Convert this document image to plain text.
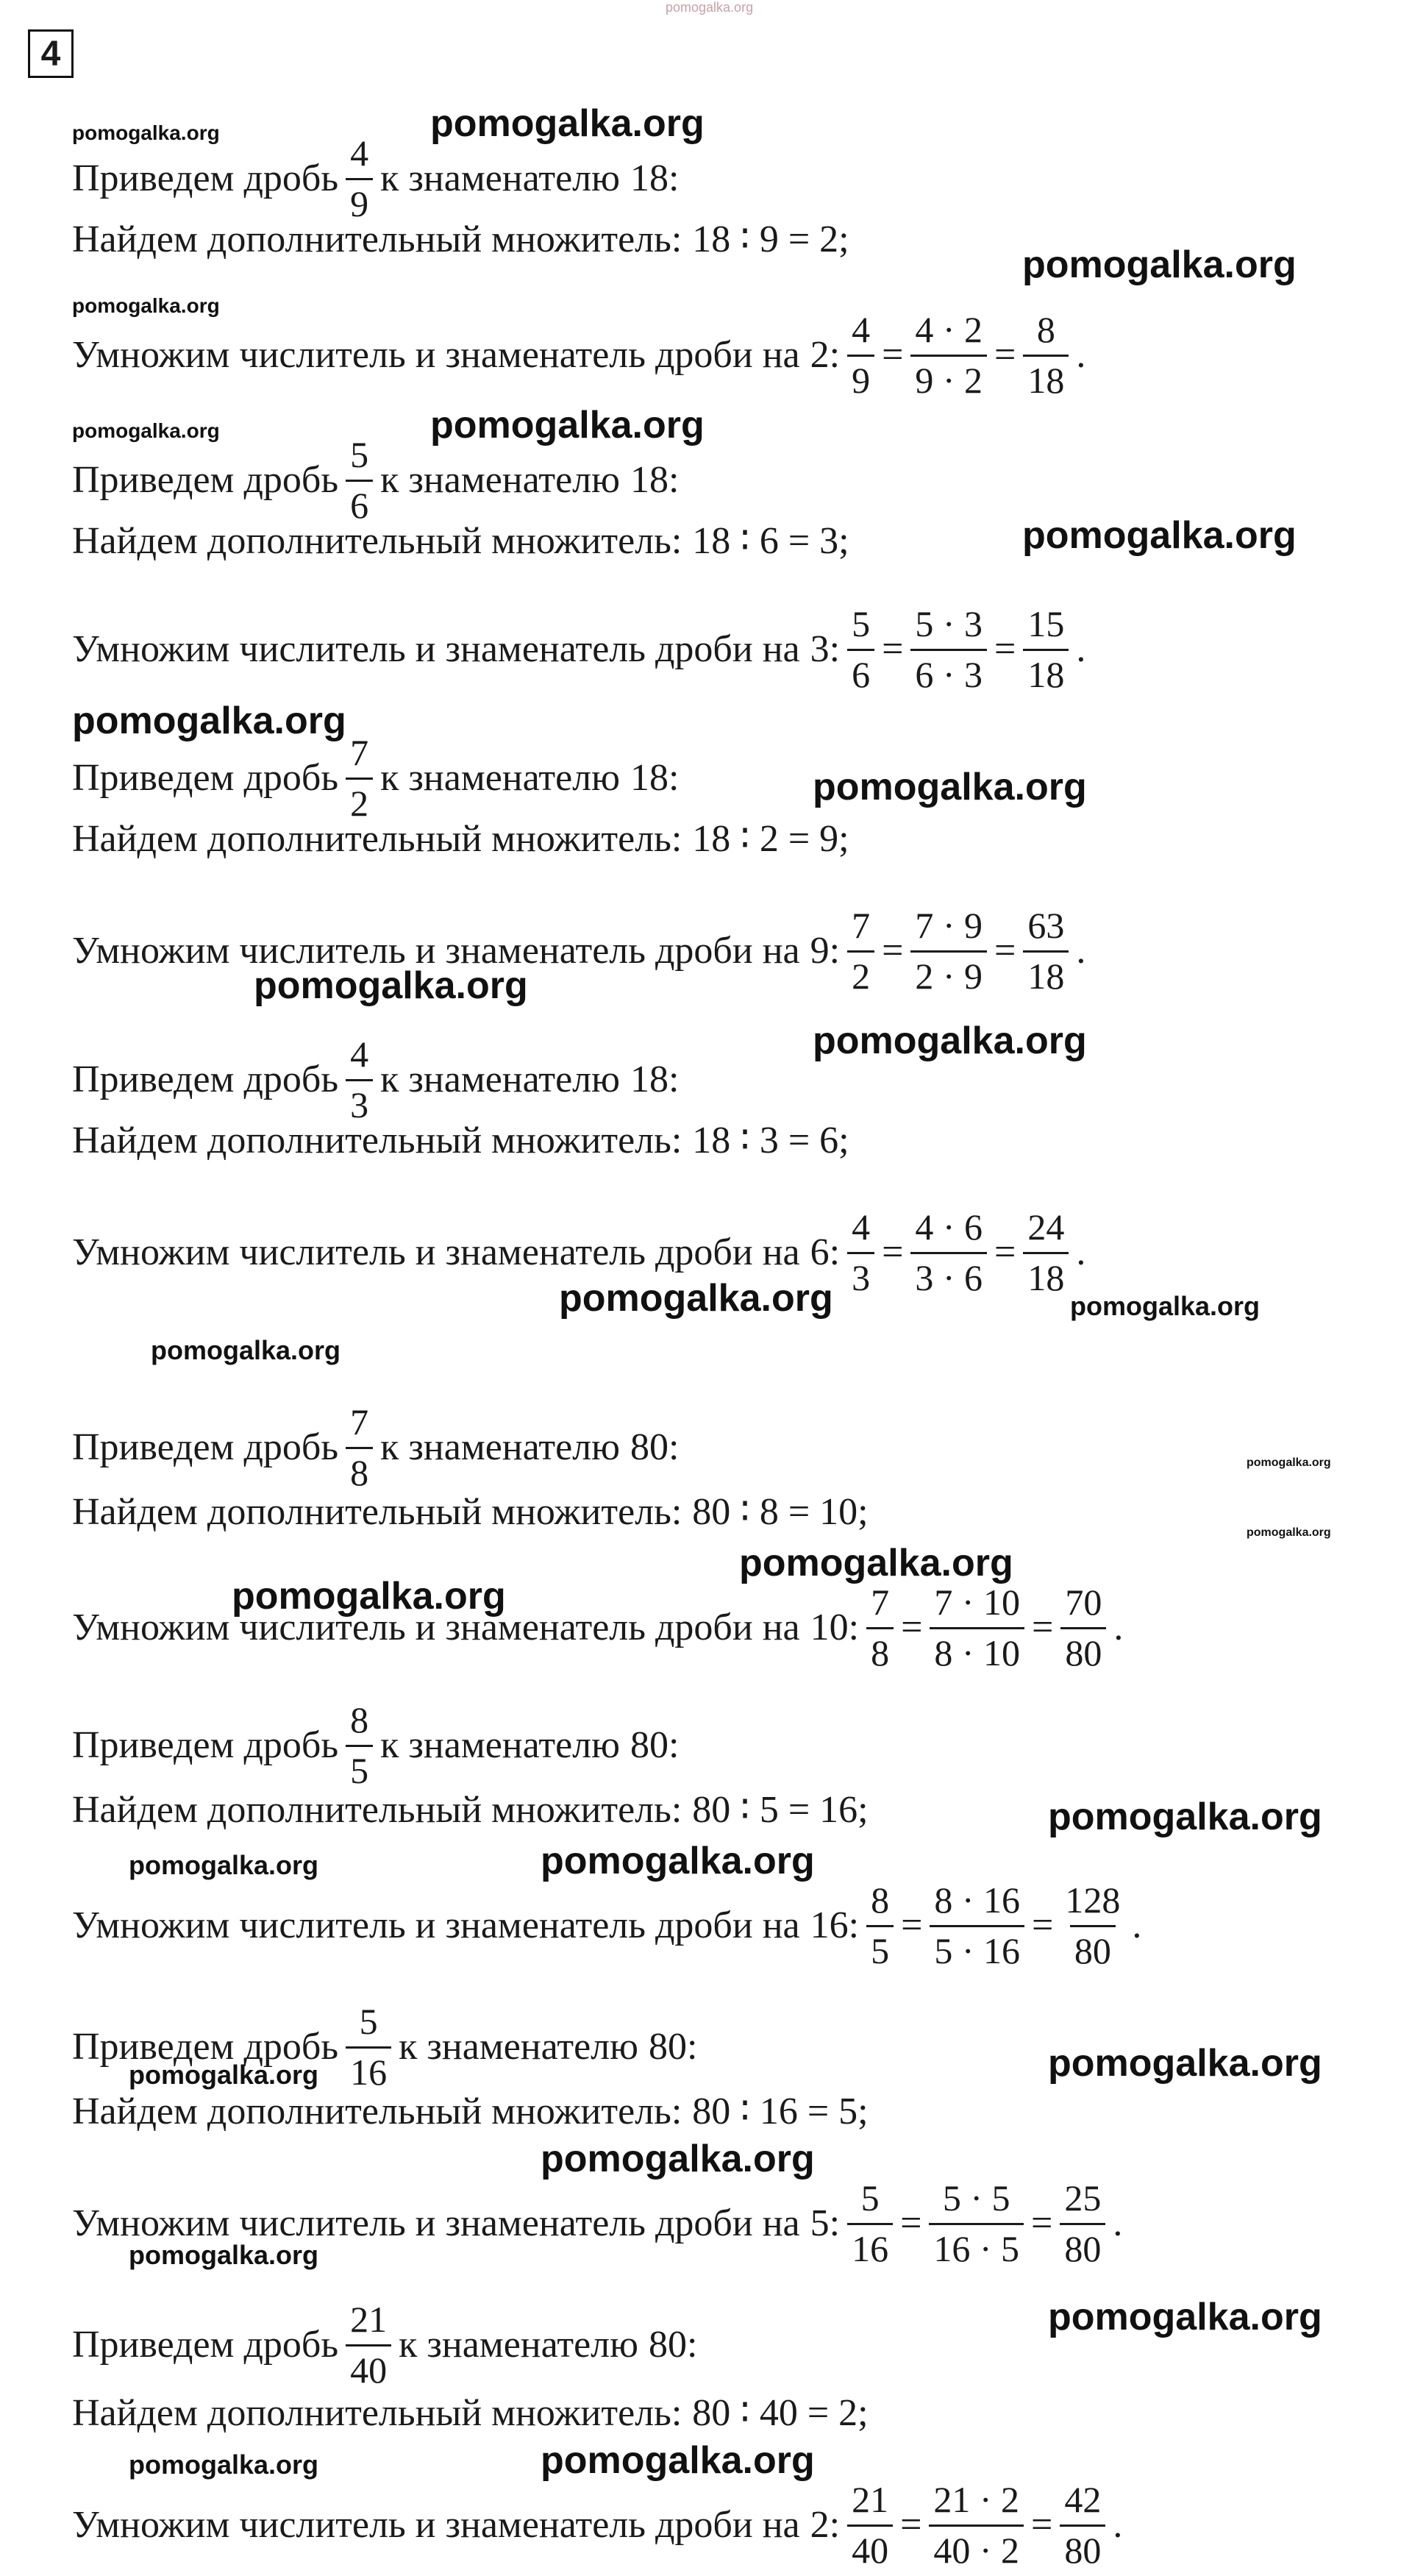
4
Приведем дробь $\frac{4}{9}$ к знаменателю 18 :
Найдем дополнительный множитель: 18 ∶ 9 = 2;
Умножим числитель и знаменатель дроби на 2 : $\frac{4}{9} = \frac{4 \cdot 2}{9 \cdot 2} = \frac{8}{18}$ .
Приведем дробь $\frac{5}{6}$ к знаменателю 18 :
Найдем дополнительный множитель: 18 ∶ 6 = 3;
Умножим числитель и знаменатель дроби на 3 : $\frac{5}{6} = \frac{5 \cdot 3}{6 \cdot 3} = \frac{15}{18}$ .
Приведем дробь $\frac{7}{2}$ к знаменателю 18 :
Найдем дополнительный множитель: 18 ∶ 2 = 9;
Умножим числитель и знаменатель дроби на 9 : $\frac{7}{2} = \frac{7 \cdot 9}{2 \cdot 9} = \frac{63}{18}$ .
Приведем дробь $\frac{4}{3}$ к знаменателю 18 :
Найдем дополнительный множитель: 18 ∶ 3 = 6;
Умножим числитель и знаменатель дроби на 6 : $\frac{4}{3} = \frac{4 \cdot 6}{3 \cdot 6} = \frac{24}{18}$ .
Приведем дробь $\frac{7}{8}$ к знаменателю 80 :
Найдем дополнительный множитель: 80 ∶ 8 = 10;
Умножим числитель и знаменатель дроби на 10 : $\frac{7}{8} = \frac{7 \cdot 10}{8 \cdot 10} = \frac{70}{80}$ .
Приведем дробь $\frac{8}{5}$ к знаменателю 80 :
Найдем дополнительный множитель: 80 ∶ 5 = 16;
Умножим числитель и знаменатель дроби на 16 : $\frac{8}{5} = \frac{8 \cdot 16}{5 \cdot 16} = \frac{128}{80}$ .
Приведем дробь $\frac{5}{16}$ к знаменателю 80 :
Найдем дополнительный множитель: 80 ∶ 16 = 5;
Умножим числитель и знаменатель дроби на 5 : $\frac{5}{16} = \frac{5 \cdot 5}{16 \cdot 5} = \frac{25}{80}$ .
Приведем дробь $\frac{21}{40}$ к знаменателю 80 :
Найдем дополнительный множитель: 80 ∶ 40 = 2;
Умножим числитель и знаменатель дроби на 2 : $\frac{21}{40} = \frac{21 \cdot 2}{40 \cdot 2} = \frac{42}{80}$ .
pomogalka.org
pomogalka.org	pomogalka.org
pomogalka.org
pomogalka.org
pomogalka.org	pomogalka.org
pomogalka.org
pomogalka.org
pomogalka.org
pomogalka.org
pomogalka.org
pomogalka.org	pomogalka.org
pomogalka.org
pomogalka.org
pomogalka.org
pomogalka.org
pomogalka.org
pomogalka.org
pomogalka.org	pomogalka.org
pomogalka.org
pomogalka.org
pomogalka.org
pomogalka.org
pomogalka.org
pomogalka.org	pomogalka.org
